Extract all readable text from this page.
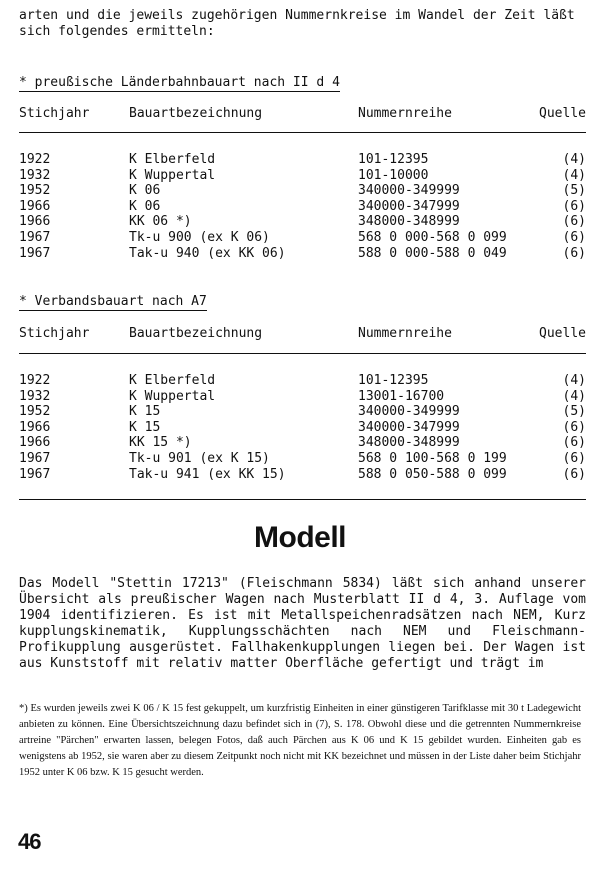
arten und die jeweils zugehörigen Nummernkreise im Wandel der Zeit läßt
sich folgendes ermitteln:
* preußische Länderbahnbauart nach II d 4
Stichjahr	Bauartbezeichnung	Nummernreihe	Quelle
1922	K Elberfeld	101-12395	(4)
1932	K Wuppertal	101-10000	(4)
1952	K 06	340000-349999	(5)
1966	K 06	340000-347999	(6)
1966	KK 06 *)	348000-348999	(6)
1967	Tk-u 900 (ex K 06)	568 0 000-568 0 099	(6)
1967	Tak-u 940 (ex KK 06)	588 0 000-588 0 049	(6)
* Verbandsbauart nach A7
Stichjahr	Bauartbezeichnung	Nummernreihe	Quelle
1922	K Elberfeld	101-12395	(4)
1932	K Wuppertal	13001-16700	(4)
1952	K 15	340000-349999	(5)
1966	K 15	340000-347999	(6)
1966	KK 15 *)	348000-348999	(6)
1967	Tk-u 901 (ex K 15)	568 0 100-568 0 199	(6)
1967	Tak-u 941 (ex KK 15)	588 0 050-588 0 099	(6)
Modell
Das Modell "Stettin 17213" (Fleischmann 5834) läßt sich anhand unserer Übersicht als preußischer Wagen nach Musterblatt II d 4, 3. Auflage vom 1904 identifizieren. Es ist mit Metallspeichenradsätzen nach NEM, Kurz kupplungskinematik, Kupplungsschächten nach NEM und Fleischmann-Profikupplung ausgerüstet. Fallhakenkupplungen liegen bei. Der Wagen ist aus Kunststoff mit relativ matter Oberfläche gefertigt und trägt im
*) Es wurden jeweils zwei K 06 / K 15 fest gekuppelt, um kurzfristig Einheiten in einer günstigeren Tarifklasse mit 30 t Ladegewicht anbieten zu können. Eine Übersichtszeichnung dazu befindet sich in (7), S. 178. Obwohl diese und die getrennten Nummernkreise artreine "Pärchen" erwarten lassen, belegen Fotos, daß auch Pärchen aus K 06 und K 15 gebildet wurden. Einheiten gab es wenigstens ab 1952, sie waren aber zu diesem Zeitpunkt noch nicht mit KK bezeichnet und müssen in der Liste daher beim Stichjahr 1952 unter K 06 bzw. K 15 gesucht werden.
46
